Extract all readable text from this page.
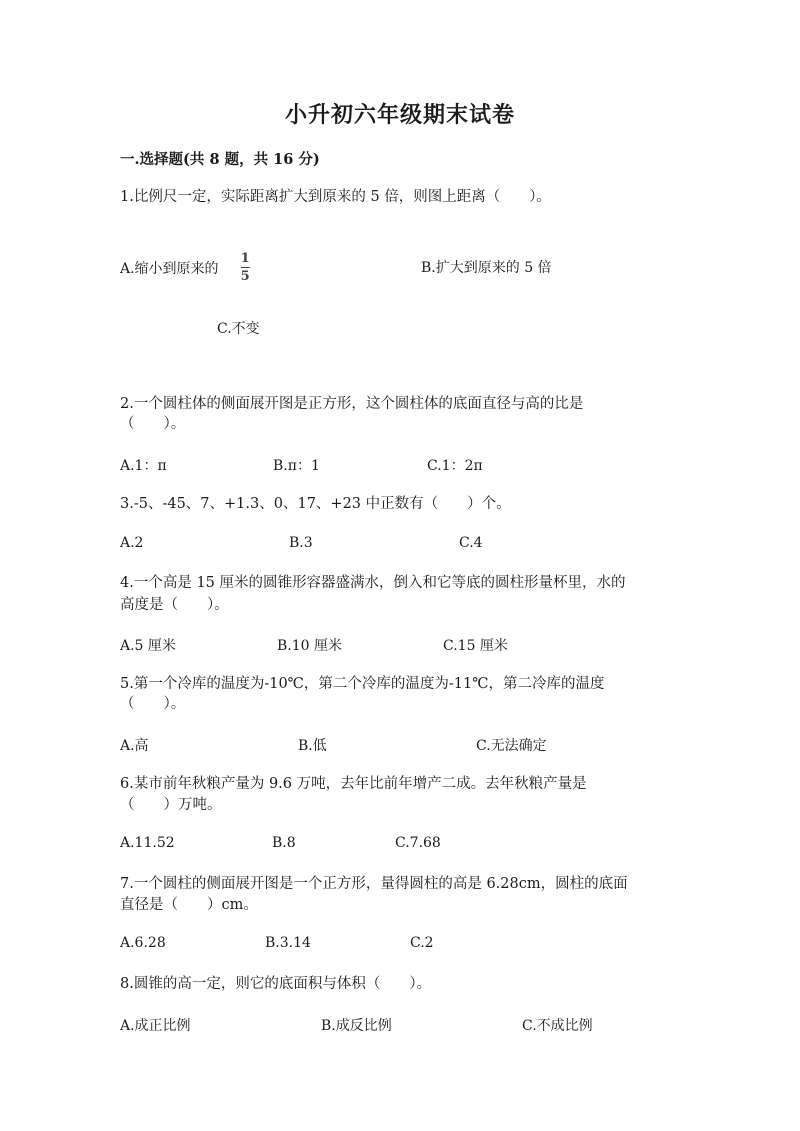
小升初六年级期末试卷
一.选择题(共 8 题，共 16 分)
1.比例尺一定，实际距离扩大到原来的 5 倍，则图上距离（　　）。
A.缩小到原来的 $\frac{1}{5}$	B.扩大到原来的 5 倍
C.不变
2.一个圆柱体的侧面展开图是正方形，这个圆柱体的底面直径与高的比是
（　　）。
A.1：π	B.π：1	C.1：2π
3.-5、-45、7、+1.3、0、17、+23 中正数有（　　）个。
A.2	B.3	C.4
4.一个高是 15 厘米的圆锥形容器盛满水，倒入和它等底的圆柱形量杯里，水的
高度是（　　）。
A.5 厘米	B.10 厘米	C.15 厘米
5.第一个冷库的温度为-10℃，第二个冷库的温度为-11℃，第二冷库的温度
（　　）。
A.高	B.低	C.无法确定
6.某市前年秋粮产量为 9.6 万吨，去年比前年增产二成。去年秋粮产量是
（　　）万吨。
A.11.52	B.8	C.7.68
7.一个圆柱的侧面展开图是一个正方形，量得圆柱的高是 6.28cm，圆柱的底面
直径是（　　）cm。
A.6.28	B.3.14	C.2
8.圆锥的高一定，则它的底面积与体积（　　）。
A.成正比例	B.成反比例	C.不成比例
